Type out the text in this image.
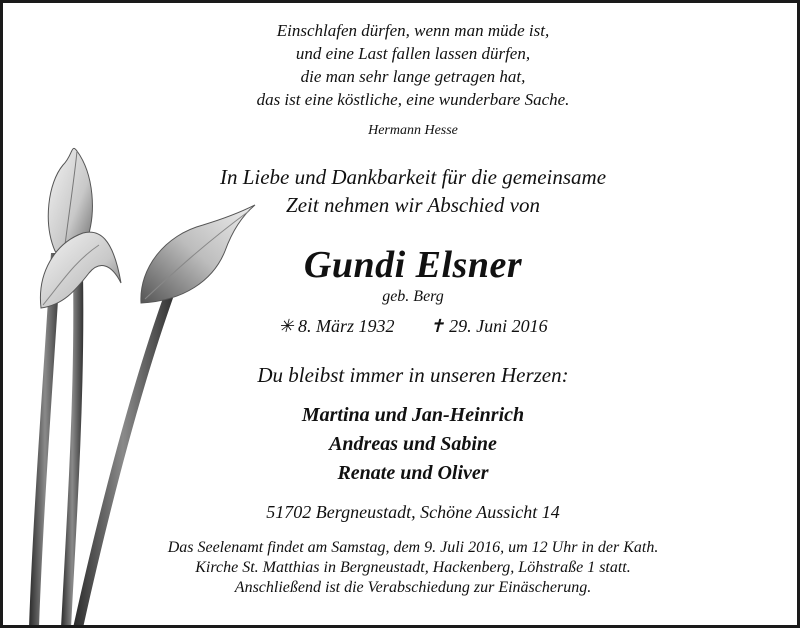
Einschlafen dürfen, wenn man müde ist,
und eine Last fallen lassen dürfen,
die man sehr lange getragen hat,
das ist eine köstliche, eine wunderbare Sache.
Hermann Hesse
In Liebe und Dankbarkeit für die gemeinsame
Zeit nehmen wir Abschied von
Gundi Elsner
geb. Berg
✳ 8. März 1932 ✝ 29. Juni 2016
Du bleibst immer in unseren Herzen:
Martina und Jan-Heinrich
Andreas und Sabine
Renate und Oliver
51702 Bergneustadt, Schöne Aussicht 14
Das Seelenamt findet am Samstag, dem 9. Juli 2016, um 12 Uhr in der Kath.
Kirche St. Matthias in Bergneustadt, Hackenberg, Löhstraße 1 statt.
Anschließend ist die Verabschiedung zur Einäscherung.
